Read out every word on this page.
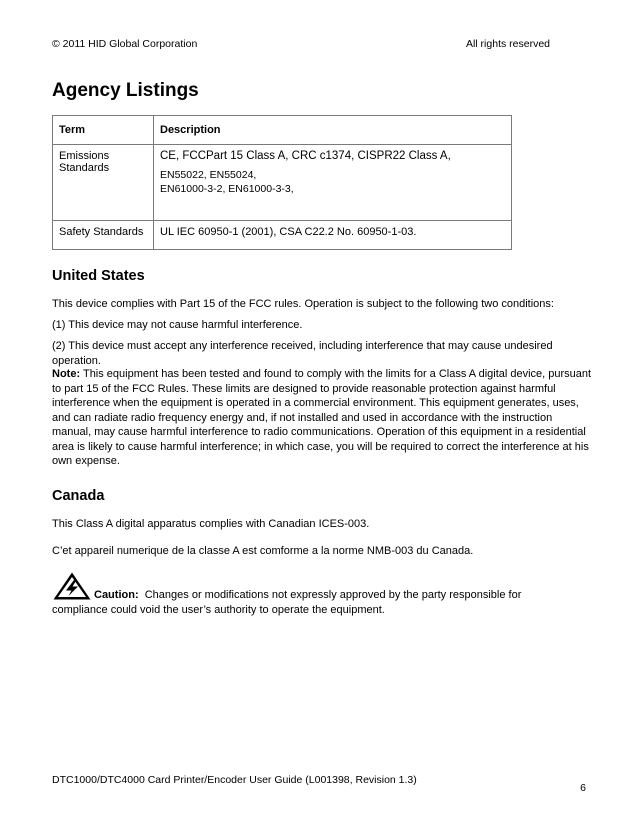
© 2011 HID Global Corporation	All rights reserved
Agency Listings
Term	Description
Emissions Standards	CE, FCCPart 15 Class A, CRC c1374, CISPR22 Class A,
EN55022, EN55024,
EN61000-3-2, EN61000-3-3,

Safety Standards	UL IEC 60950-1 (2001), CSA C22.2 No. 60950-1-03.
United States

This device complies with Part 15 of the FCC rules. Operation is subject to the following two conditions:

(1) This device may not cause harmful interference.

(2) This device must accept any interference received, including interference that may cause undesired operation.

Note: This equipment has been tested and found to comply with the limits for a Class A digital device, pursuant to part 15 of the FCC Rules. These limits are designed to provide reasonable protection against harmful interference when the equipment is operated in a commercial environment. This equipment generates, uses, and can radiate radio frequency energy and, if not installed and used in accordance with the instruction manual, may cause harmful interference to radio communications. Operation of this equipment in a residential area is likely to cause harmful interference; in which case, you will be required to correct the interference at his own expense.

Canada

This Class A digital apparatus complies with Canadian ICES-003.

C’et appareil numerique de la classe A est comforme a la norme NMB-003 du Canada.

Caution: Changes or modifications not expressly approved by the party responsible for
compliance could void the user’s authority to operate the equipment.
DTC1000/DTC4000 Card Printer/Encoder User Guide (L001398, Revision 1.3)
6
